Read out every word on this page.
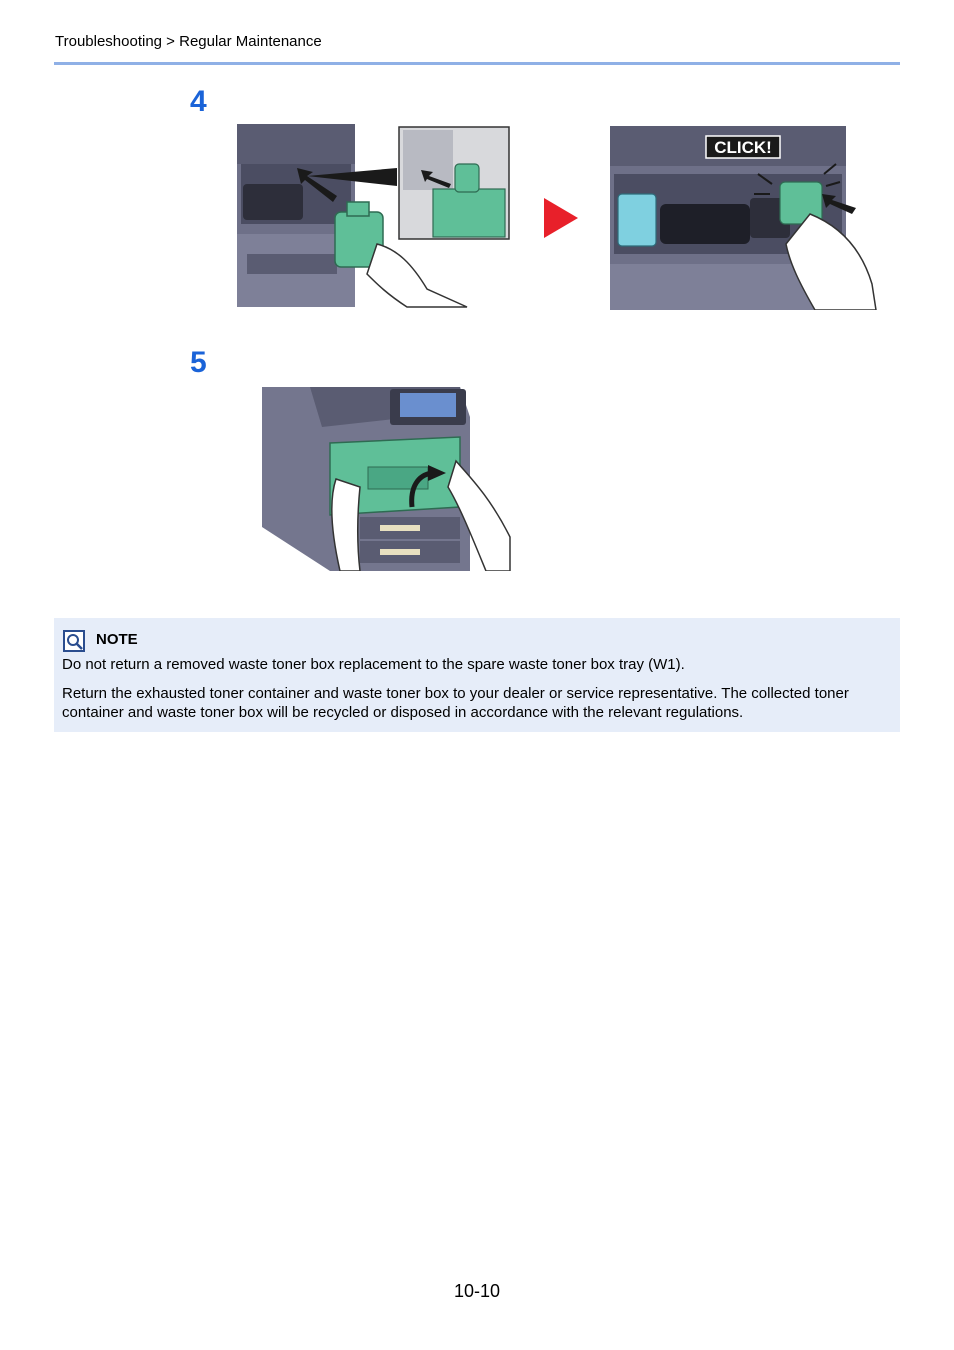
Troubleshooting > Regular Maintenance
4
CLICK!
5
NOTE
Do not return a removed waste toner box replacement to the spare waste toner box tray (W1).
Return the exhausted toner container and waste toner box to your dealer or service representative. The collected toner container and waste toner box will be recycled or disposed in accordance with the relevant regulations.
10-10
